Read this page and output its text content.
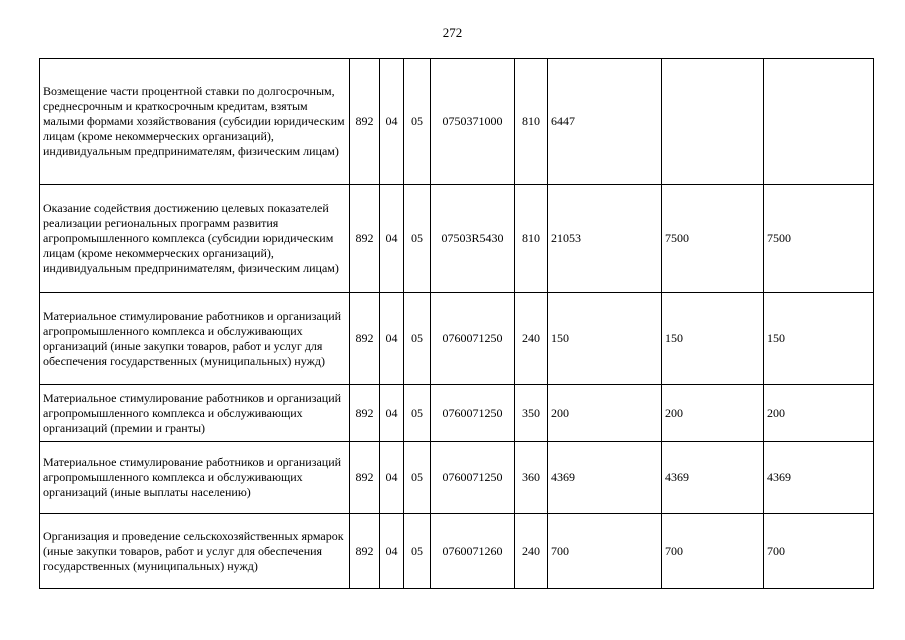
272
Возмещение части процентной ставки по долгосрочным, среднесрочным и краткосрочным кредитам, взятым малыми формами хозяйствования (субсидии юридическим лицам (кроме некоммерческих организаций), индивидуальным предпринимателям, физическим лицам)	892	04	05	0750371000	810	6447		
Оказание содействия достижению целевых показателей реализации региональных программ развития агропромышленного комплекса (субсидии юридическим лицам (кроме некоммерческих организаций), индивидуальным предпринимателям, физическим лицам)	892	04	05	07503R5430	810	21053	7500	7500
Материальное стимулирование работников и организаций агропромышленного комплекса и обслуживающих организаций (иные закупки товаров, работ и услуг для обеспечения государственных (муниципальных) нужд)	892	04	05	0760071250	240	150	150	150
Материальное стимулирование работников и организаций агропромышленного комплекса и обслуживающих организаций (премии и гранты)	892	04	05	0760071250	350	200	200	200
Материальное стимулирование работников и организаций агропромышленного комплекса и обслуживающих организаций (иные выплаты населению)	892	04	05	0760071250	360	4369	4369	4369
Организация и проведение сельскохозяйственных ярмарок (иные закупки товаров, работ и услуг для обеспечения государственных (муниципальных) нужд)	892	04	05	0760071260	240	700	700	700
